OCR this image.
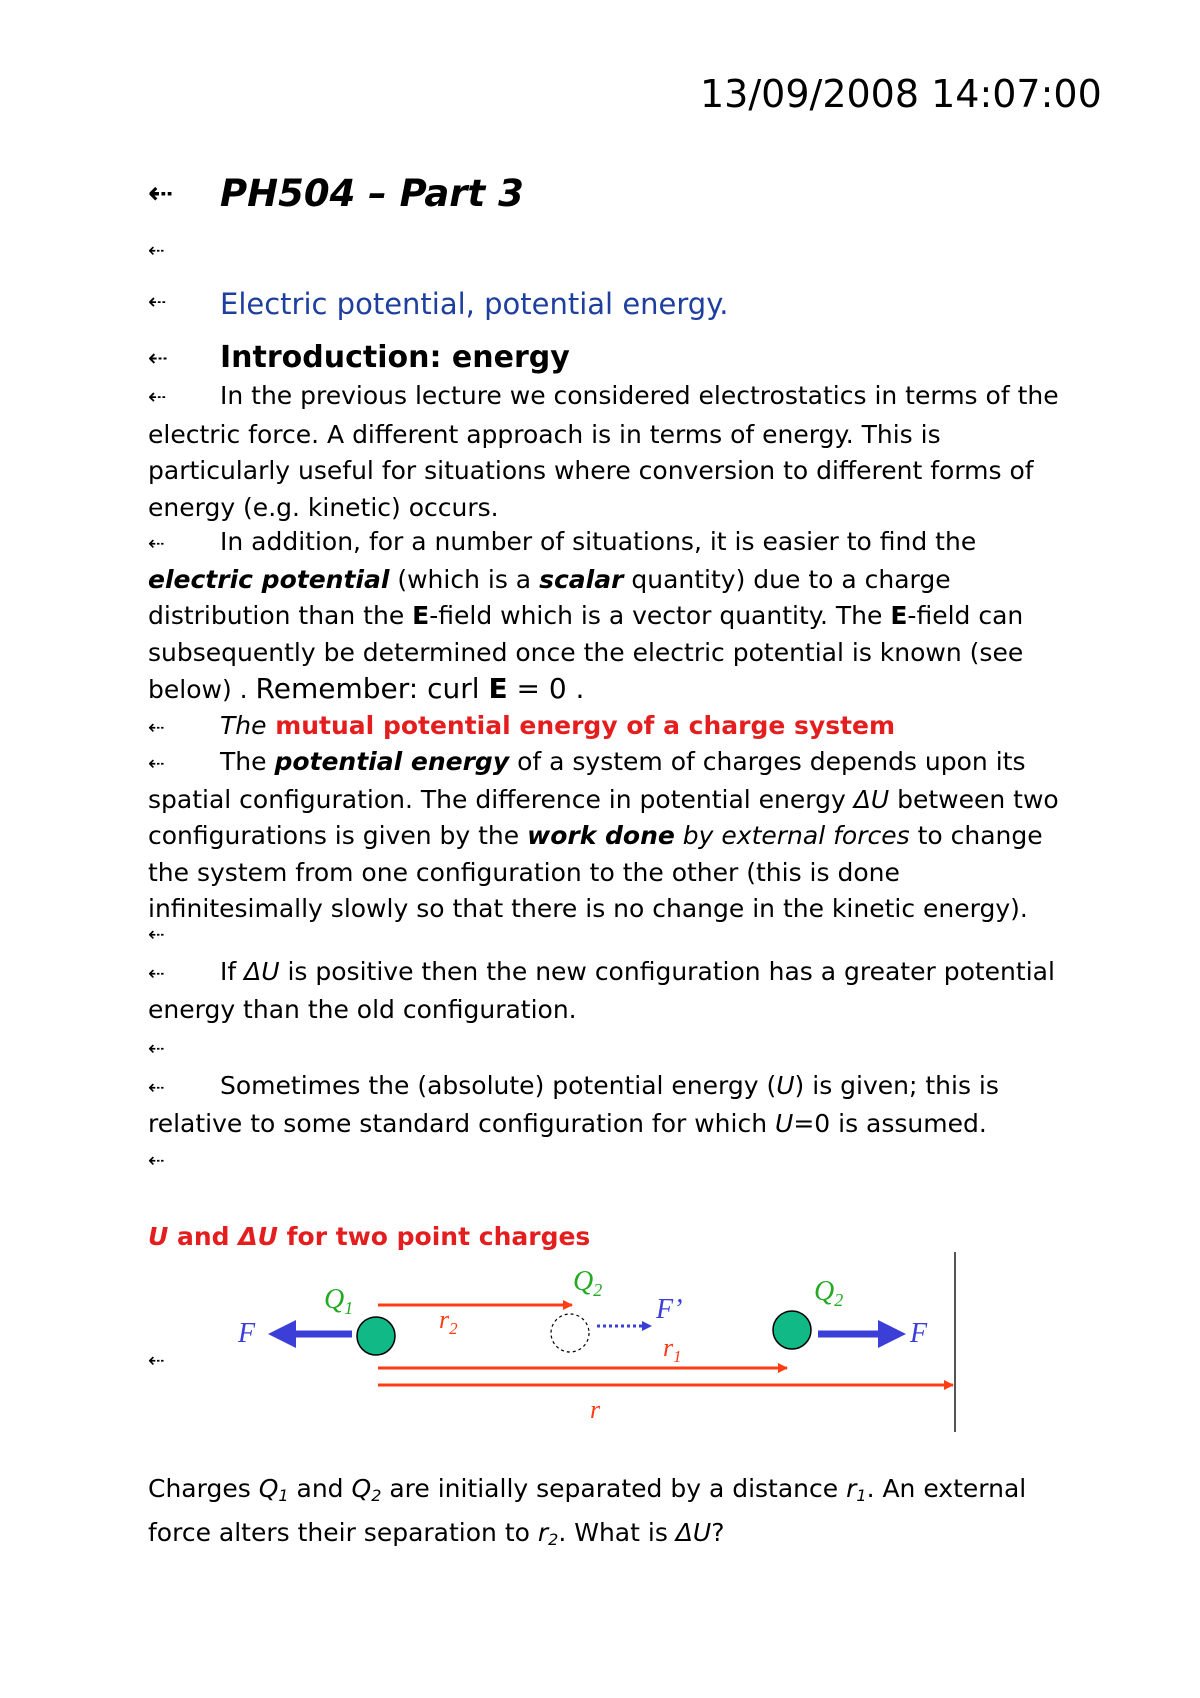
13/09/2008 14:07:00
⇠ PH504 – Part 3
⇠
⇠ Electric potential, potential energy.
⇠ Introduction: energy

⇠ In the previous lecture we considered electrostatics in terms of the electric force. A different approach is in terms of energy. This is particularly useful for situations where conversion to different forms of energy (e.g. kinetic) occurs.

⇠ In addition, for a number of situations, it is easier to find the electric potential (which is a scalar quantity) due to a charge distribution than the E-field which is a vector quantity. The E-field can subsequently be determined once the electric potential is known (see below) . Remember: curl E = 0 .

⇠ The mutual potential energy of a charge system

⇠ The potential energy of a system of charges depends upon its spatial configuration. The difference in potential energy ΔU between two configurations is given by the work done by external forces to change the system from one configuration to the other (this is done infinitesimally slowly so that there is no change in the kinetic energy).

⇠

⇠ If ΔU is positive then the new configuration has a greater potential energy than the old configuration.

⇠

⇠ Sometimes the (absolute) potential energy (U) is given; this is relative to some standard configuration for which U=0 is assumed.

⇠
U and ΔU for two point charges
⇠
F
$Q_1$	$r_2$
$Q_2$
F’
$r_1$
$Q_2$
F
r

Charges $Q_1$ and $Q_2$ are initially separated by a distance $r_1$. An external force alters their separation to $r_2$. What is ΔU?
